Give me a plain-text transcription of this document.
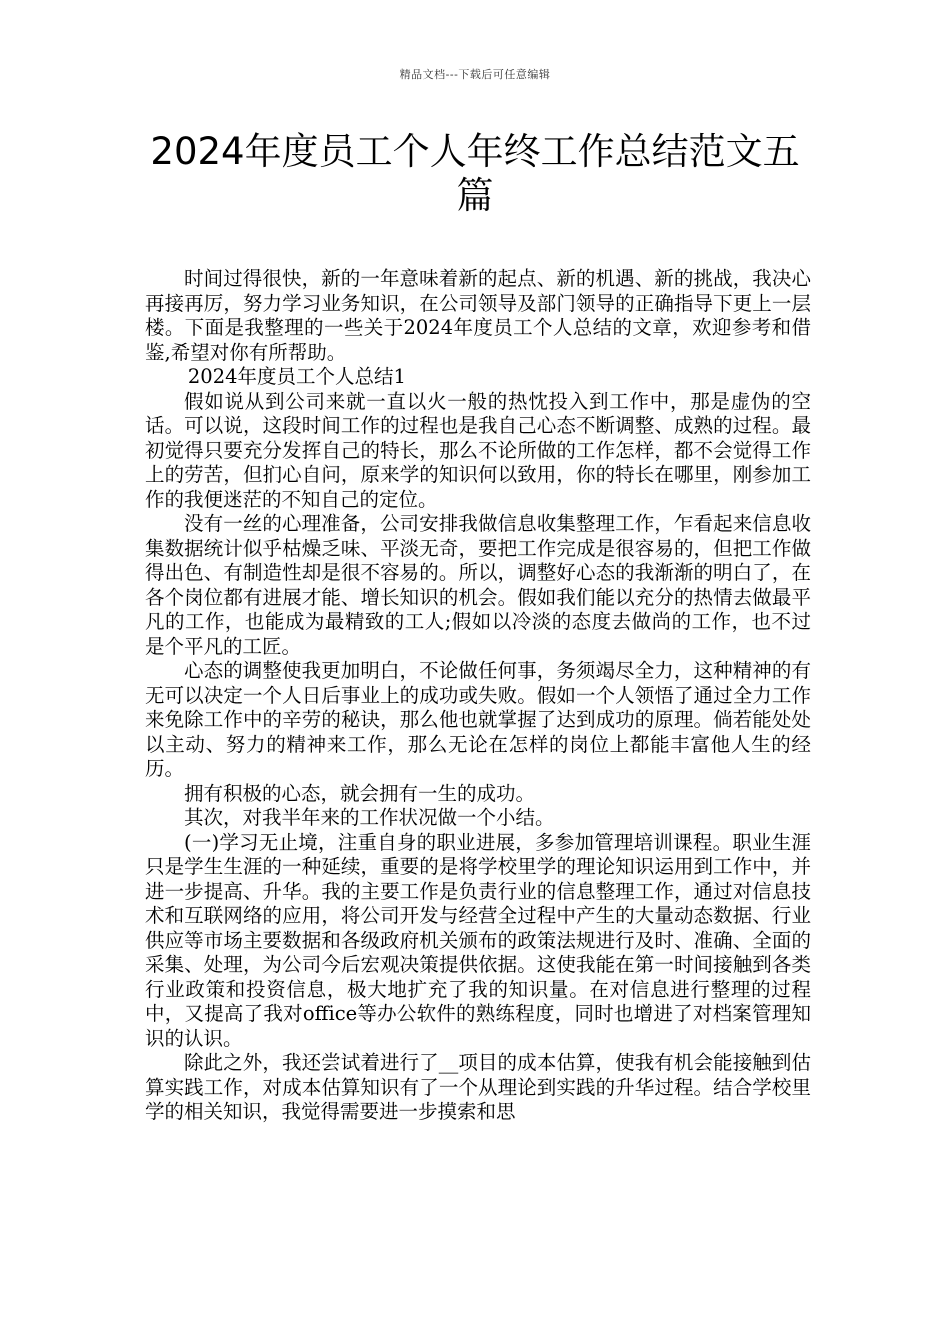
精品文档---下载后可任意编辑
2024年度员工个人年终工作总结范文五篇

时间过得很快，新的一年意味着新的起点、新的机遇、新的挑战，我决心再接再厉，努力学习业务知识，在公司领导及部门领导的正确指导下更上一层楼。下面是我整理的一些关于2024年度员工个人总结的文章，欢迎参考和借鉴,希望对你有所帮助。

2024年度员工个人总结1

假如说从到公司来就一直以火一般的热忱投入到工作中，那是虚伪的空话。可以说，这段时间工作的过程也是我自己心态不断调整、成熟的过程。最初觉得只要充分发挥自己的特长，那么不论所做的工作怎样，都不会觉得工作上的劳苦，但扪心自问，原来学的知识何以致用，你的特长在哪里，刚参加工作的我便迷茫的不知自己的定位。

没有一丝的心理准备，公司安排我做信息收集整理工作，乍看起来信息收集数据统计似乎枯燥乏味、平淡无奇，要把工作完成是很容易的，但把工作做得出色、有制造性却是很不容易的。所以，调整好心态的我渐渐的明白了，在各个岗位都有进展才能、增长知识的机会。假如我们能以充分的热情去做最平凡的工作，也能成为最精致的工人;假如以冷淡的态度去做尚的工作，也不过是个平凡的工匠。

心态的调整使我更加明白，不论做任何事，务须竭尽全力，这种精神的有无可以决定一个人日后事业上的成功或失败。假如一个人领悟了通过全力工作来免除工作中的辛劳的秘诀，那么他也就掌握了达到成功的原理。倘若能处处以主动、努力的精神来工作，那么无论在怎样的岗位上都能丰富他人生的经历。

拥有积极的心态，就会拥有一生的成功。

其次，对我半年来的工作状况做一个小结。

(一)学习无止境，注重自身的职业进展，多参加管理培训课程。职业生涯只是学生生涯的一种延续，重要的是将学校里学的理论知识运用到工作中，并进一步提高、升华。我的主要工作是负责行业的信息整理工作，通过对信息技术和互联网络的应用，将公司开发与经营全过程中产生的大量动态数据、行业供应等市场主要数据和各级政府机关颁布的政策法规进行及时、准确、全面的采集、处理，为公司今后宏观决策提供依据。这使我能在第一时间接触到各类行业政策和投资信息，极大地扩充了我的知识量。在对信息进行整理的过程中，又提高了我对office等办公软件的熟练程度，同时也增进了对档案管理知识的认识。

除此之外，我还尝试着进行了__项目的成本估算，使我有机会能接触到估算实践工作，对成本估算知识有了一个从理论到实践的升华过程。结合学校里学的相关知识，我觉得需要进一步摸索和思
